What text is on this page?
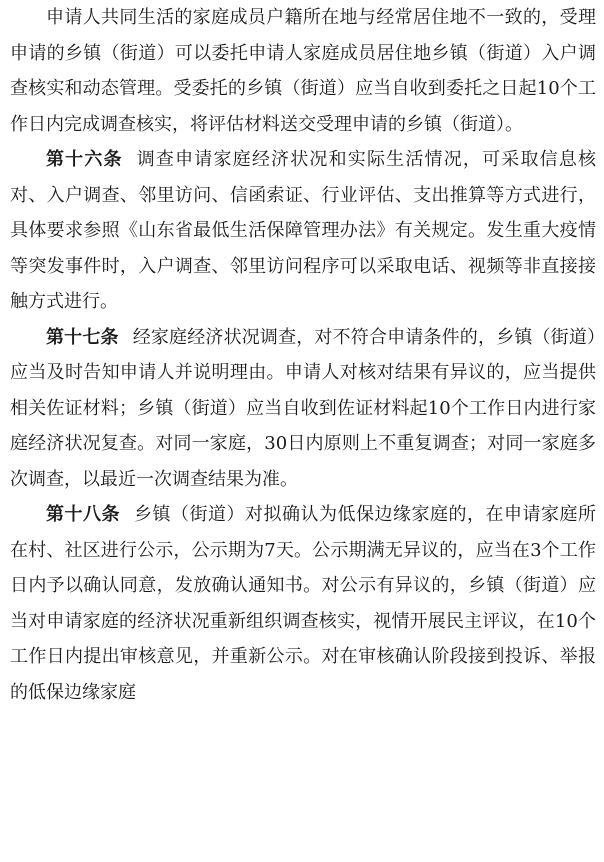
申请人共同生活的家庭成员户籍所在地与经常居住地不一致的，受理申请的乡镇（街道）可以委托申请人家庭成员居住地乡镇（街道）入户调查核实和动态管理。受委托的乡镇（街道）应当自收到委托之日起10个工作日内完成调查核实，将评估材料送交受理申请的乡镇（街道）。

第十六条 调查申请家庭经济状况和实际生活情况，可采取信息核对、入户调查、邻里访问、信函索证、行业评估、支出推算等方式进行，具体要求参照《山东省最低生活保障管理办法》有关规定。发生重大疫情等突发事件时，入户调查、邻里访问程序可以采取电话、视频等非直接接触方式进行。

第十七条 经家庭经济状况调查，对不符合申请条件的，乡镇（街道）应当及时告知申请人并说明理由。申请人对核对结果有异议的，应当提供相关佐证材料；乡镇（街道）应当自收到佐证材料起10个工作日内进行家庭经济状况复查。对同一家庭，30日内原则上不重复调查；对同一家庭多次调查，以最近一次调查结果为准。

第十八条 乡镇（街道）对拟确认为低保边缘家庭的，在申请家庭所在村、社区进行公示，公示期为7天。公示期满无异议的，应当在3个工作日内予以确认同意，发放确认通知书。对公示有异议的，乡镇（街道）应当对申请家庭的经济状况重新组织调查核实，视情开展民主评议，在10个工作日内提出审核意见，并重新公示。对在审核确认阶段接到投诉、举报的低保边缘家庭
